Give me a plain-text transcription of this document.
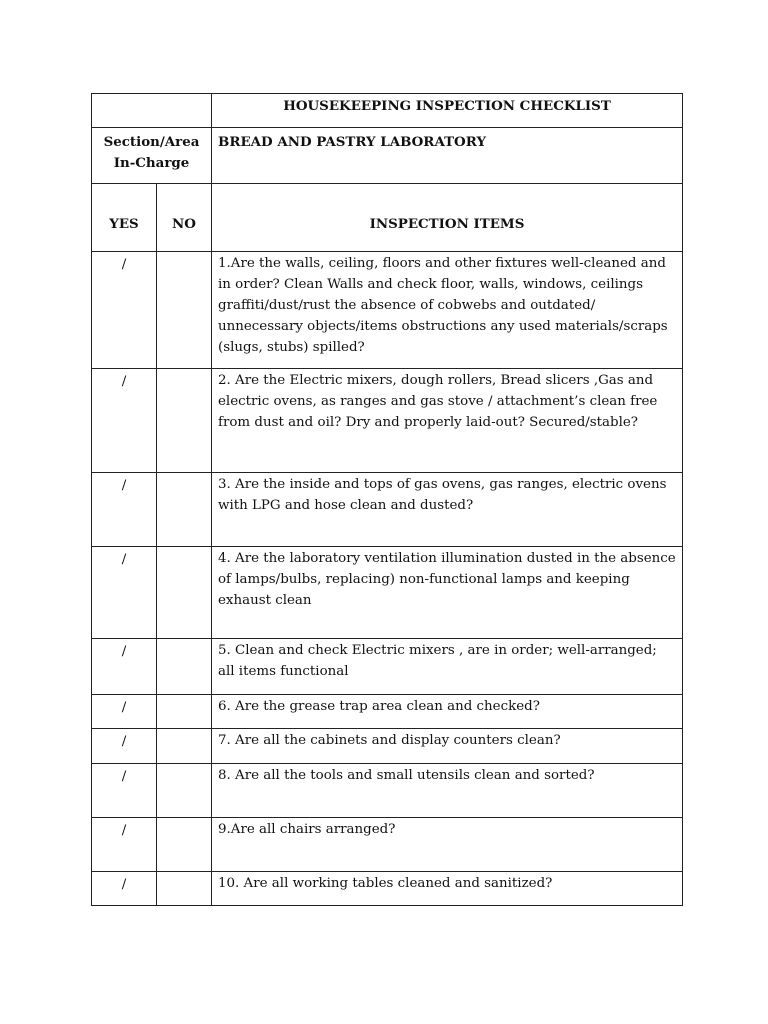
		HOUSEKEEPING INSPECTION CHECKLIST
Section/Area In-Charge		BREAD AND PASTRY LABORATORY
YES	NO	INSPECTION ITEMS
/		1.Are the walls, ceiling, floors and other fixtures well-cleaned and in order? Clean Walls and check floor, walls, windows, ceilings graffiti/dust/rust the absence of cobwebs and outdated/ unnecessary objects/items obstructions any used materials/scraps (slugs, stubs) spilled?
/		2. Are the Electric mixers, dough rollers, Bread slicers ,Gas and electric ovens, as ranges and gas stove / attachment’s clean free from dust and oil? Dry and properly laid-out? Secured/stable?
/		3. Are the inside and tops of gas ovens, gas ranges, electric ovens with LPG and hose clean and dusted?
/		4. Are the laboratory ventilation illumination dusted in the absence of lamps/bulbs, replacing) non-functional lamps and keeping exhaust clean
/		5. Clean and check Electric mixers , are in order; well-arranged; all items functional
/		6. Are the grease trap area clean and checked?
/		7. Are all the cabinets and display counters clean?
/		8. Are all the tools and small utensils clean and sorted?
/		9.Are all chairs arranged?
/		10. Are all working tables cleaned and sanitized?
